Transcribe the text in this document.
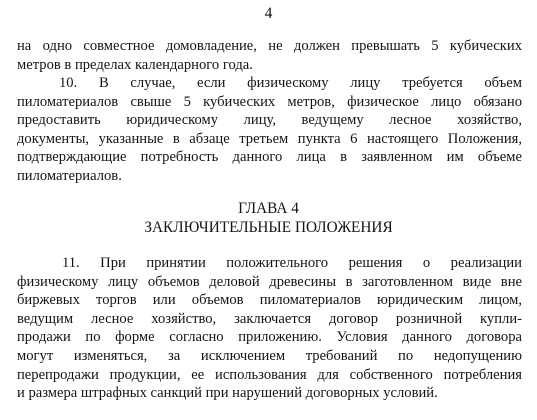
4
на одно совместное домовладение, не должен превышать 5 кубических
метров в пределах календарного года.
10. В случае, если физическому лицу требуется объем
пиломатериалов свыше 5 кубических метров, физическое лицо обязано
предоставить юридическому лицу, ведущему лесное хозяйство,
документы, указанные в абзаце третьем пункта 6 настоящего Положения,
подтверждающие потребность данного лица в заявленном им объеме
пиломатериалов.
ГЛАВА 4
ЗАКЛЮЧИТЕЛЬНЫЕ ПОЛОЖЕНИЯ
11. При принятии положительного решения о реализации
физическому лицу объемов деловой древесины в заготовленном виде вне
биржевых торгов или объемов пиломатериалов юридическим лицом,
ведущим лесное хозяйство, заключается договор розничной купли-
продажи по форме согласно приложению. Условия данного договора
могут изменяться, за исключением требований по недопущению
перепродажи продукции, ее использования для собственного потребления
и размера штрафных санкций при нарушений договорных условий.
